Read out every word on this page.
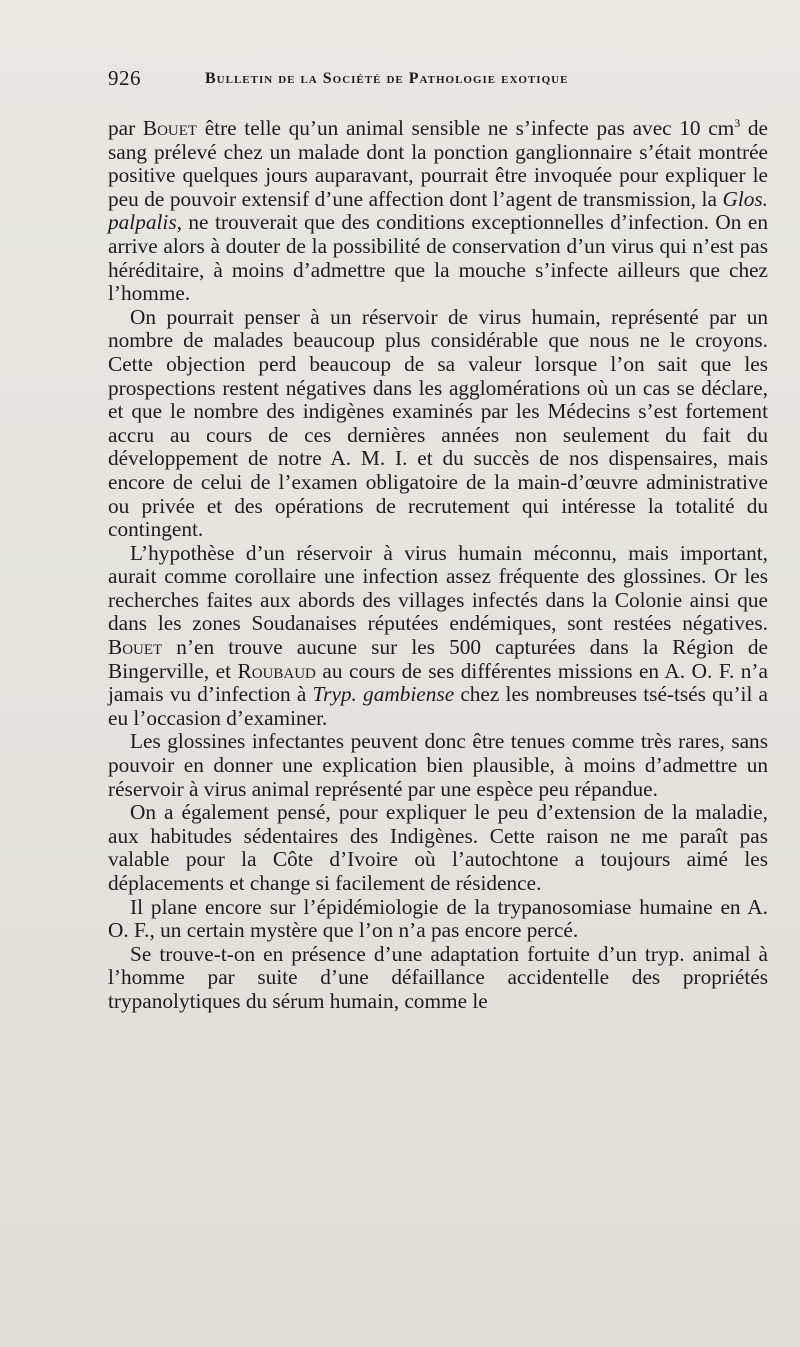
926	Bulletin de la Société de Pathologie exotique

par Bouet être telle qu’un animal sensible ne s’infecte pas avec 10 $cm^3$ de sang prélevé chez un malade dont la ponction ganglionnaire s’était montrée positive quelques jours auparavant, pourrait être invoquée pour expliquer le peu de pouvoir extensif d’une affection dont l’agent de transmission, la Glos. palpalis, ne trouverait que des conditions exceptionnelles d’infection. On en arrive alors à douter de la possibilité de conservation d’un virus qui n’est pas héréditaire, à moins d’admettre que la mouche s’infecte ailleurs que chez l’homme.

On pourrait penser à un réservoir de virus humain, représenté par un nombre de malades beaucoup plus considérable que nous ne le croyons. Cette objection perd beaucoup de sa valeur lorsque l’on sait que les prospections restent négatives dans les agglomérations où un cas se déclare, et que le nombre des indigènes examinés par les Médecins s’est fortement accru au cours de ces dernières années non seulement du fait du développement de notre A. M. I. et du succès de nos dispensaires, mais encore de celui de l’examen obligatoire de la main-d’œuvre administrative ou privée et des opérations de recrutement qui intéresse la totalité du contingent.

L’hypothèse d’un réservoir à virus humain méconnu, mais important, aurait comme corollaire une infection assez fréquente des glossines. Or les recherches faites aux abords des villages infectés dans la Colonie ainsi que dans les zones Soudanaises réputées endémiques, sont restées négatives. Bouet n’en trouve aucune sur les 500 capturées dans la Région de Bingerville, et Roubaud au cours de ses différentes missions en A. O. F. n’a jamais vu d’infection à Tryp. gambiense chez les nombreuses tsé-tsés qu’il a eu l’occasion d’examiner.

Les glossines infectantes peuvent donc être tenues comme très rares, sans pouvoir en donner une explication bien plausible, à moins d’admettre un réservoir à virus animal représenté par une espèce peu répandue.

On a également pensé, pour expliquer le peu d’extension de la maladie, aux habitudes sédentaires des Indigènes. Cette raison ne me paraît pas valable pour la Côte d’Ivoire où l’autochtone a toujours aimé les déplacements et change si facilement de résidence.

Il plane encore sur l’épidémiologie de la trypanosomiase humaine en A. O. F., un certain mystère que l’on n’a pas encore percé.

Se trouve-t-on en présence d’une adaptation fortuite d’un tryp. animal à l’homme par suite d’une défaillance accidentelle des propriétés trypanolytiques du sérum humain, comme le
